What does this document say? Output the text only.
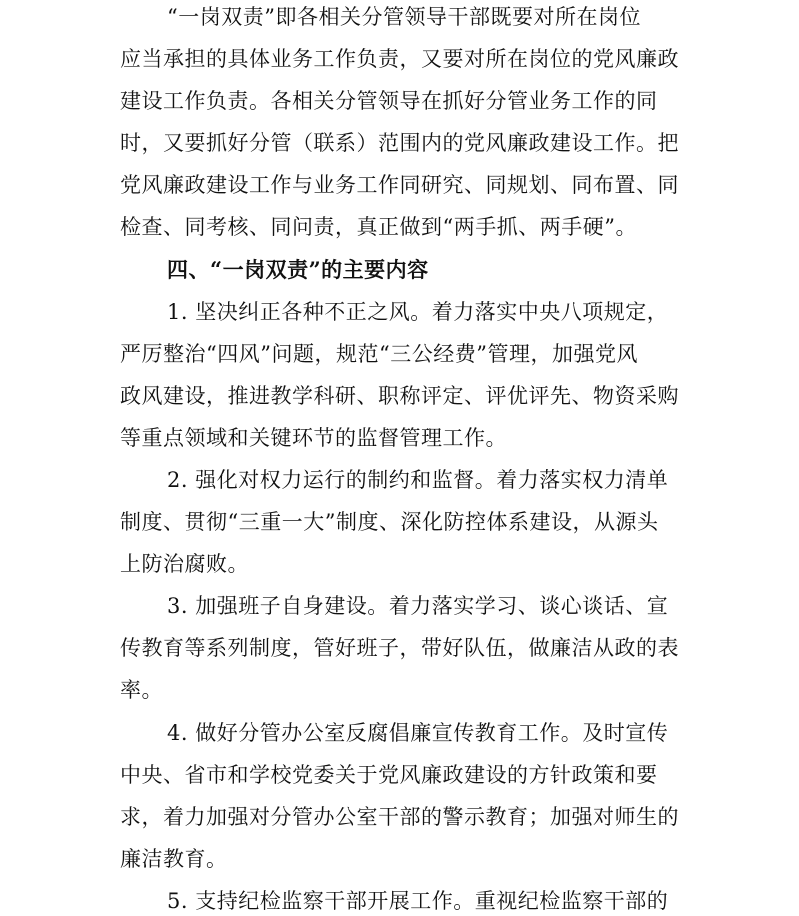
“一岗双责”即各相关分管领导干部既要对所在岗位
应当承担的具体业务工作负责，又要对所在岗位的党风廉政
建设工作负责。各相关分管领导在抓好分管业务工作的同
时，又要抓好分管（联系）范围内的党风廉政建设工作。把
党风廉政建设工作与业务工作同研究、同规划、同布置、同
检查、同考核、同问责，真正做到“两手抓、两手硬”。
四、“一岗双责”的主要内容
1. 坚决纠正各种不正之风。着力落实中央八项规定，
严厉整治“四风”问题，规范“三公经费”管理，加强党风
政风建设，推进教学科研、职称评定、评优评先、物资采购
等重点领域和关键环节的监督管理工作。
2. 强化对权力运行的制约和监督。着力落实权力清单
制度、贯彻“三重一大”制度、深化防控体系建设，从源头
上防治腐败。
3. 加强班子自身建设。着力落实学习、谈心谈话、宣
传教育等系列制度，管好班子，带好队伍，做廉洁从政的表
率。
4. 做好分管办公室反腐倡廉宣传教育工作。及时宣传
中央、省市和学校党委关于党风廉政建设的方针政策和要
求，着力加强对分管办公室干部的警示教育；加强对师生的
廉洁教育。
5. 支持纪检监察干部开展工作。重视纪检监察干部的
